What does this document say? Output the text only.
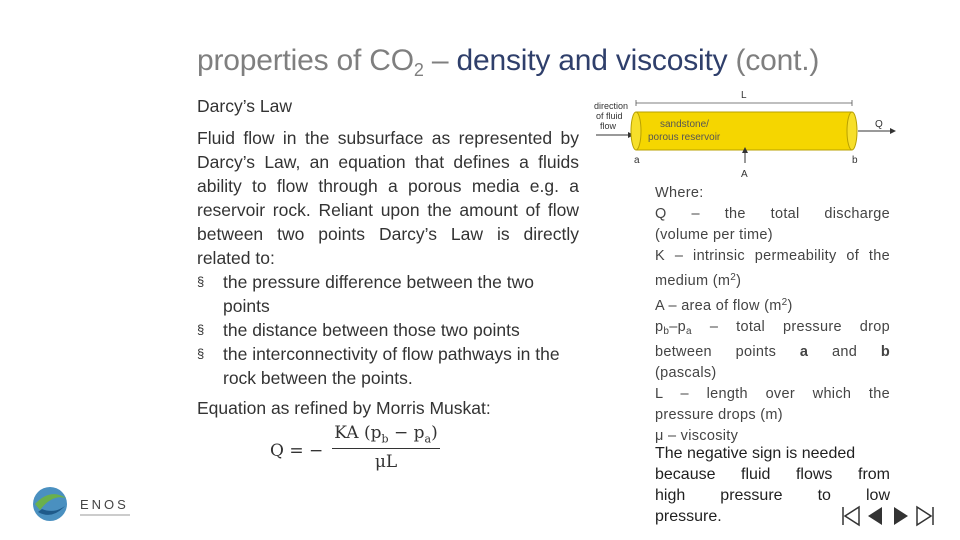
properties of $CO_2$ – density and viscosity (cont.)
Darcy’s Law
Fluid flow in the subsurface as represented by Darcy’s Law, an equation that defines a fluids ability to flow through a porous media e.g. a reservoir rock. Reliant upon the amount of flow between two points Darcy’s Law is directly related to:
§ the pressure difference between the two points
§ the distance between those two points
§ the interconnectivity of flow pathways in the rock between the points.
Equation as refined by Morris Muskat:
Q = − $\frac{KA (p_b - p_a)}{\mu L}$
direction
of fluid
flow
L
sandstone/
porous reservoir
Q
a	b
A
Where:
Q – the total discharge
(volume per time)
K – intrinsic permeability of the
medium $(m^2)$
A – area of flow $(m^2)$
$p_b-p_a$ – total pressure drop
between points a and b
(pascals)
L – length over which the
pressure drops (m)
μ – viscosity
The negative sign is needed
because fluid flows from
high pressure to low
pressure.
ENOS
